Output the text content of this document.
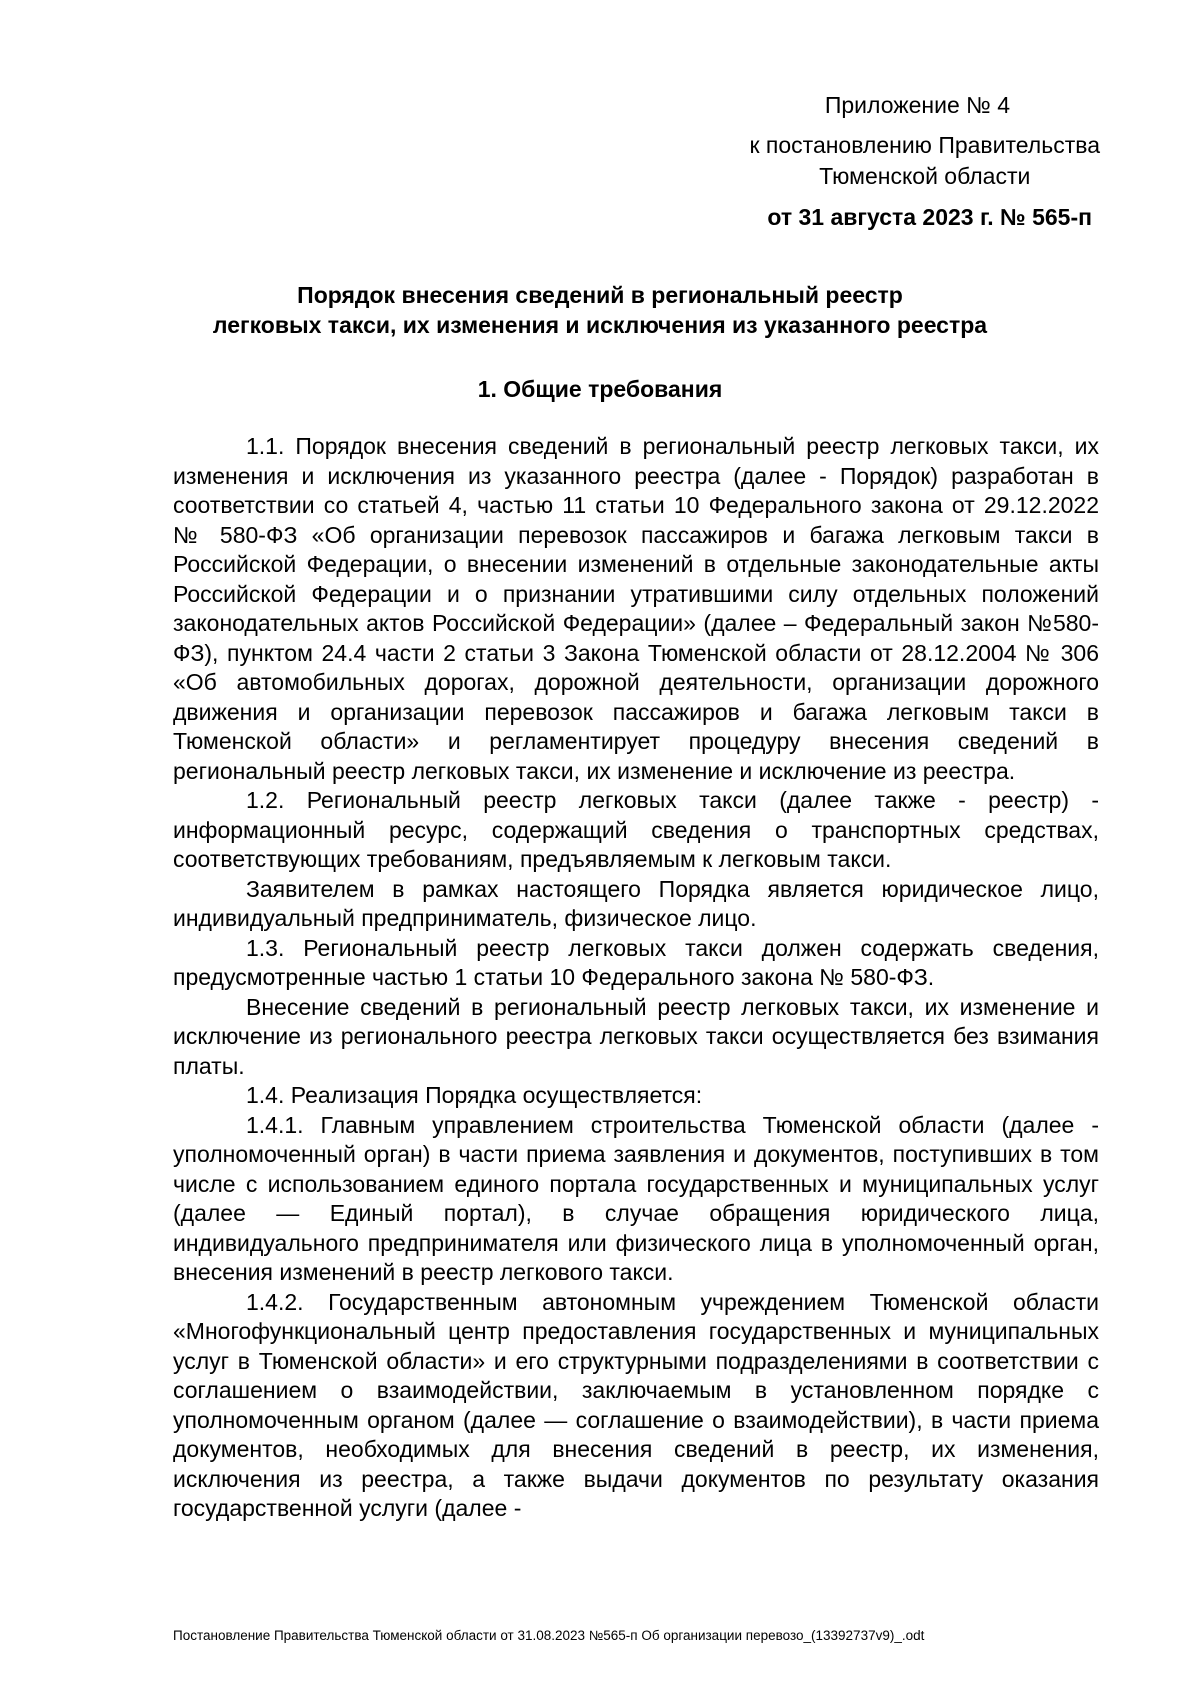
Приложение № 4
к постановлению Правительства
Тюменской области
от 31 августа 2023 г. № 565-п
Порядок внесения сведений в региональный реестр
легковых такси, их изменения и исключения из указанного реестра
1. Общие требования

1.1. Порядок внесения сведений в региональный реестр легковых такси, их изменения и исключения из указанного реестра (далее - Порядок) разработан в соответствии со статьей 4, частью 11 статьи 10 Федерального закона от 29.12.2022 № 580-ФЗ «Об организации перевозок пассажиров и багажа легковым такси в Российской Федерации, о внесении изменений в отдельные законодательные акты Российской Федерации и о признании утратившими силу отдельных положений законодательных актов Российской Федерации» (далее – Федеральный закон №580-ФЗ), пунктом 24.4 части 2 статьи 3 Закона Тюменской области от 28.12.2004 № 306 «Об автомобильных дорогах, дорожной деятельности, организации дорожного движения и организации перевозок пассажиров и багажа легковым такси в Тюменской области» и регламентирует процедуру внесения сведений в региональный реестр легковых такси, их изменение и исключение из реестра.

1.2. Региональный реестр легковых такси (далее также - реестр) - информационный ресурс, содержащий сведения о транспортных средствах, соответствующих требованиям, предъявляемым к легковым такси.

Заявителем в рамках настоящего Порядка является юридическое лицо, индивидуальный предприниматель, физическое лицо.

1.3. Региональный реестр легковых такси должен содержать сведения, предусмотренные частью 1 статьи 10 Федерального закона № 580-ФЗ.

Внесение сведений в региональный реестр легковых такси, их изменение и исключение из регионального реестра легковых такси осуществляется без взимания платы.

1.4. Реализация Порядка осуществляется:

1.4.1. Главным управлением строительства Тюменской области (далее - уполномоченный орган) в части приема заявления и документов, поступивших в том числе с использованием единого портала государственных и муниципальных услуг (далее — Единый портал), в случае обращения юридического лица, индивидуального предпринимателя или физического лица в уполномоченный орган, внесения изменений в реестр легкового такси.

1.4.2. Государственным автономным учреждением Тюменской области «Многофункциональный центр предоставления государственных и муниципальных услуг в Тюменской области» и его структурными подразделениями в соответствии с соглашением о взаимодействии, заключаемым в установленном порядке с уполномоченным органом (далее — соглашение о взаимодействии), в части приема документов, необходимых для внесения сведений в реестр, их изменения, исключения из реестра, а также выдачи документов по результату оказания государственной услуги (далее -

Постановление Правительства Тюменской области от 31.08.2023 №565-п Об организации перевозо_(13392737v9)_.odt
